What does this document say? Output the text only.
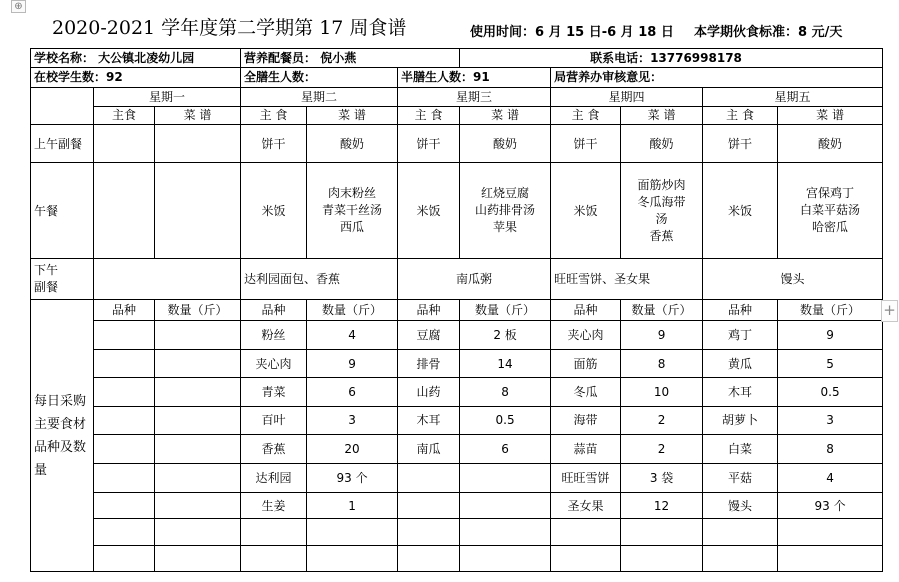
⊕
2020-2021 学年度第二学期第 17 周食谱	使用时间：6 月 15 日-6 月 18 日 本学期伙食标准：8 元/天
学校名称： 大公镇北凌幼儿园			营养配餐员： 倪小燕			联系电话：13776998178				
在校学生数：92			全膳生人数：		半膳生人数：91		局营养办审核意见：			
	星期一		星期二		星期三		星期四		星期五	
	主食	菜 谱	主 食	菜 谱	主 食	菜 谱	主 食	菜 谱	主 食	菜 谱
上午副餐			饼干	酸奶	饼干	酸奶	饼干	酸奶	饼干	酸奶
午餐			米饭	肉末粉丝
青菜干丝汤
西瓜	米饭	红烧豆腐
山药排骨汤
苹果	米饭	面筋炒肉
冬瓜海带
汤
香蕉	米饭	宫保鸡丁
白菜平菇汤
哈密瓜
下午
副餐			达利园面包、香蕉		南瓜粥		旺旺雪饼、圣女果		馒头	
每日采购主要食材品种及数量	品种	数量（斤）	品种	数量（斤）	品种	数量（斤）	品种	数量（斤）	品种	数量（斤）
			粉丝	4	豆腐	2 板	夹心肉	9	鸡丁	9
			夹心肉	9	排骨	14	面筋	8	黄瓜	5
			青菜	6	山药	8	冬瓜	10	木耳	0.5
			百叶	3	木耳	0.5	海带	2	胡萝卜	3
			香蕉	20	南瓜	6	蒜苗	2	白菜	8
			达利园	93 个			旺旺雪饼	3 袋	平菇	4
			生姜	1			圣女果	12	馒头	93 个

+
